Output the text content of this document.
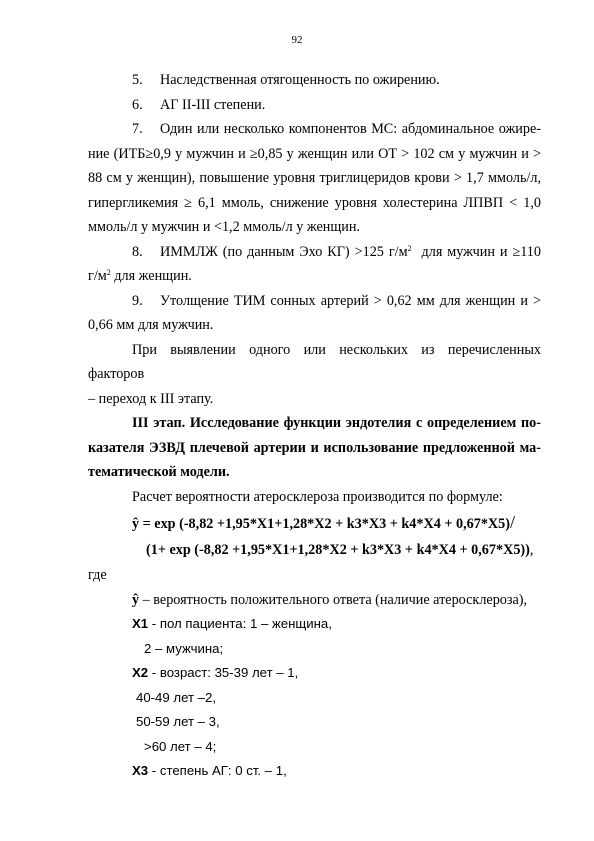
92

5. Наследственная отягощенность по ожирению.

6. АГ II-III степени.

7. Один или несколько компонентов МС: абдоминальное ожире-

ние (ИТБ≥0,9 у мужчин и ≥0,85 у женщин или ОТ > 102 см у мужчин и >

88 см у женщин), повышение уровня триглицеридов крови > 1,7 ммоль/л,

гипергликемия ≥ 6,1 ммоль, снижение уровня холестерина ЛПВП < 1,0

ммоль/л у мужчин и <1,2 ммоль/л у женщин.

8. ИММЛЖ (по данным Эхо КГ) >125 $г/м^2$ для мужчин и ≥110

$г/м^2$ для женщин.

9. Утолщение ТИМ сонных артерий > 0,62 мм для женщин и >

0,66 мм для мужчин.

При выявлении одного или нескольких из перечисленных факторов

– переход к III этапу.

III этап. Исследование функции эндотелия с определением по-

казателя ЭЗВД плечевой артерии и использование предложенной ма-

тематической модели.

Расчет вероятности атеросклероза производится по формуле:

ŷ = exp (-8,82 +1,95*X1+1,28*X2 + k3*X3 + k4*X4 + 0,67*X5)/

(1+ exp (-8,82 +1,95*X1+1,28*X2 + k3*X3 + k4*X4 + 0,67*X5)),

где

ŷ – вероятность положительного ответа (наличие атеросклероза),

X1 - пол пациента: 1 – женщина,

2 – мужчина;

X2 - возраст: 35-39 лет – 1,

40-49 лет –2,

50-59 лет – 3,

>60 лет – 4;

X3 - степень АГ: 0 ст. – 1,
